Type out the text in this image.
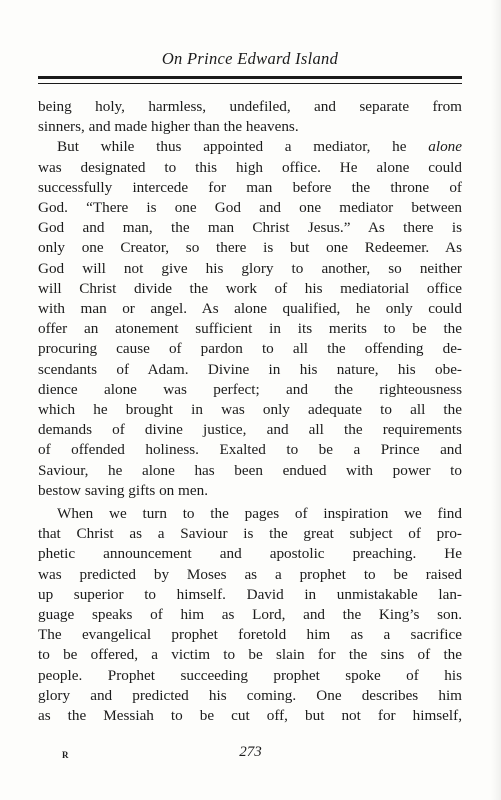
On Prince Edward Island
being holy, harmless, undefiled, and separate from
sinners, and made higher than the heavens.
But while thus appointed a mediator, he alone
was designated to this high office. He alone could
successfully intercede for man before the throne of
God. “There is one God and one mediator between
God and man, the man Christ Jesus.” As there is
only one Creator, so there is but one Redeemer. As
God will not give his glory to another, so neither
will Christ divide the work of his mediatorial office
with man or angel. As alone qualified, he only could
offer an atonement sufficient in its merits to be the
procuring cause of pardon to all the offending de-
scendants of Adam. Divine in his nature, his obe-
dience alone was perfect; and the righteousness
which he brought in was only adequate to all the
demands of divine justice, and all the requirements
of offended holiness. Exalted to be a Prince and
Saviour, he alone has been endued with power to
bestow saving gifts on men.
When we turn to the pages of inspiration we find
that Christ as a Saviour is the great subject of pro-
phetic announcement and apostolic preaching. He
was predicted by Moses as a prophet to be raised
up superior to himself. David in unmistakable lan-
guage speaks of him as Lord, and the King’s son.
The evangelical prophet foretold him as a sacrifice
to be offered, a victim to be slain for the sins of the
people. Prophet succeeding prophet spoke of his
glory and predicted his coming. One describes him
as the Messiah to be cut off, but not for himself,
R	273
